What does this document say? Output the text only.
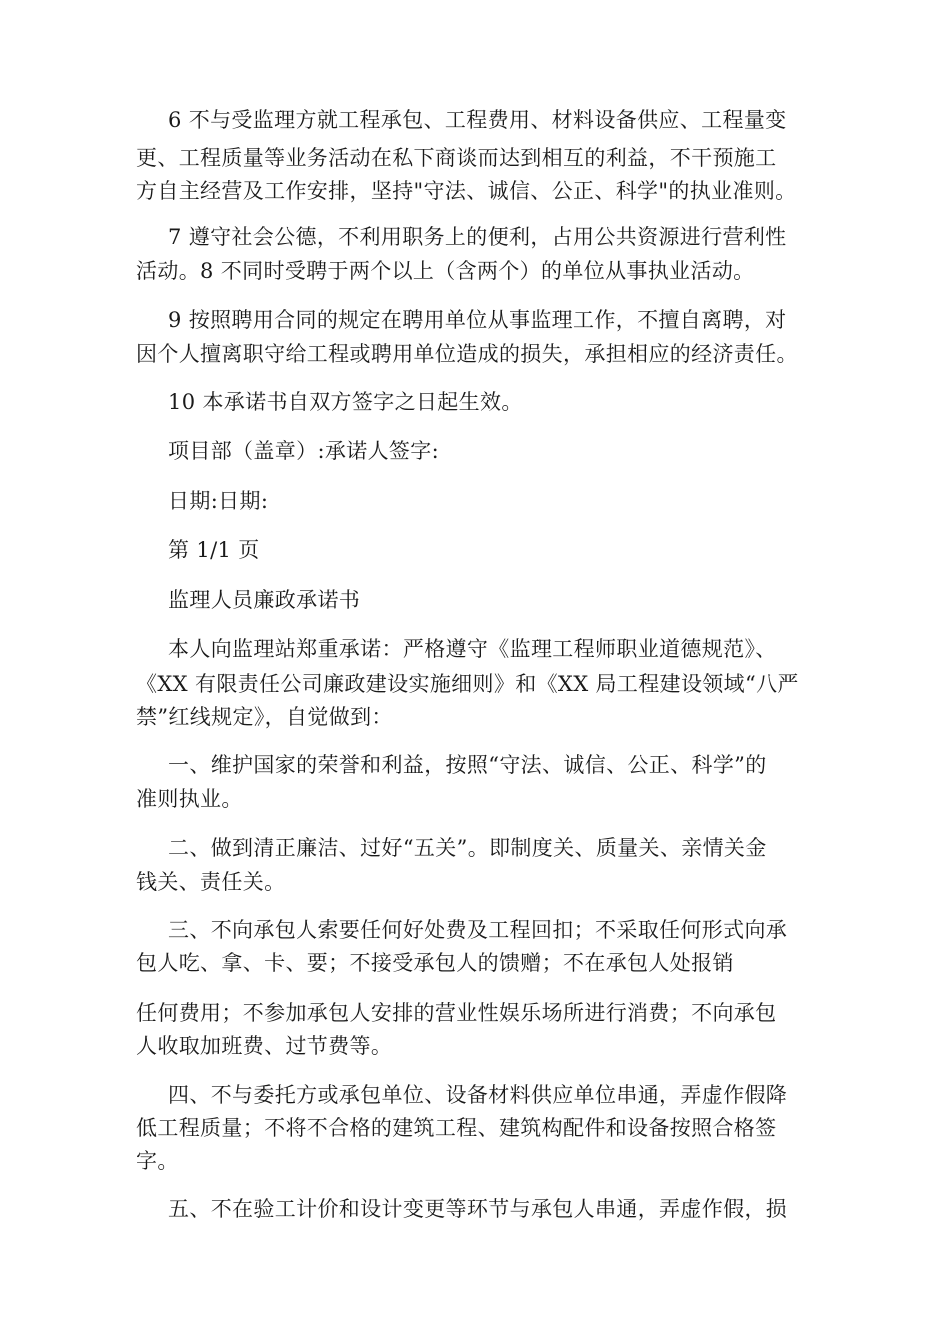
6 不与受监理方就工程承包、工程费用、材料设备供应、工程量变
更、工程质量等业务活动在私下商谈而达到相互的利益，不干预施工
方自主经营及工作安排，坚持"守法、诚信、公正、科学"的执业准则。
7 遵守社会公德，不利用职务上的便利，占用公共资源进行营利性
活动。8 不同时受聘于两个以上（含两个）的单位从事执业活动。
9 按照聘用合同的规定在聘用单位从事监理工作，不擅自离聘，对
因个人擅离职守给工程或聘用单位造成的损失，承担相应的经济责任。
10 本承诺书自双方签字之日起生效。
项目部（盖章）:承诺人签字:
日期:日期:
第 1/1 页
监理人员廉政承诺书
本人向监理站郑重承诺：严格遵守《监理工程师职业道德规范》、
《XX 有限责任公司廉政建设实施细则》和《XX 局工程建设领域“八严
禁”红线规定》，自觉做到：
一、维护国家的荣誉和利益，按照“守法、诚信、公正、科学”的
准则执业。
二、做到清正廉洁、过好“五关”。即制度关、质量关、亲情关金
钱关、责任关。
三、不向承包人索要任何好处费及工程回扣；不采取任何形式向承
包人吃、拿、卡、要；不接受承包人的馈赠；不在承包人处报销
任何费用；不参加承包人安排的营业性娱乐场所进行消费；不向承包
人收取加班费、过节费等。
四、不与委托方或承包单位、设备材料供应单位串通，弄虚作假降
低工程质量；不将不合格的建筑工程、建筑构配件和设备按照合格签
字。
五、不在验工计价和设计变更等环节与承包人串通，弄虚作假，损
